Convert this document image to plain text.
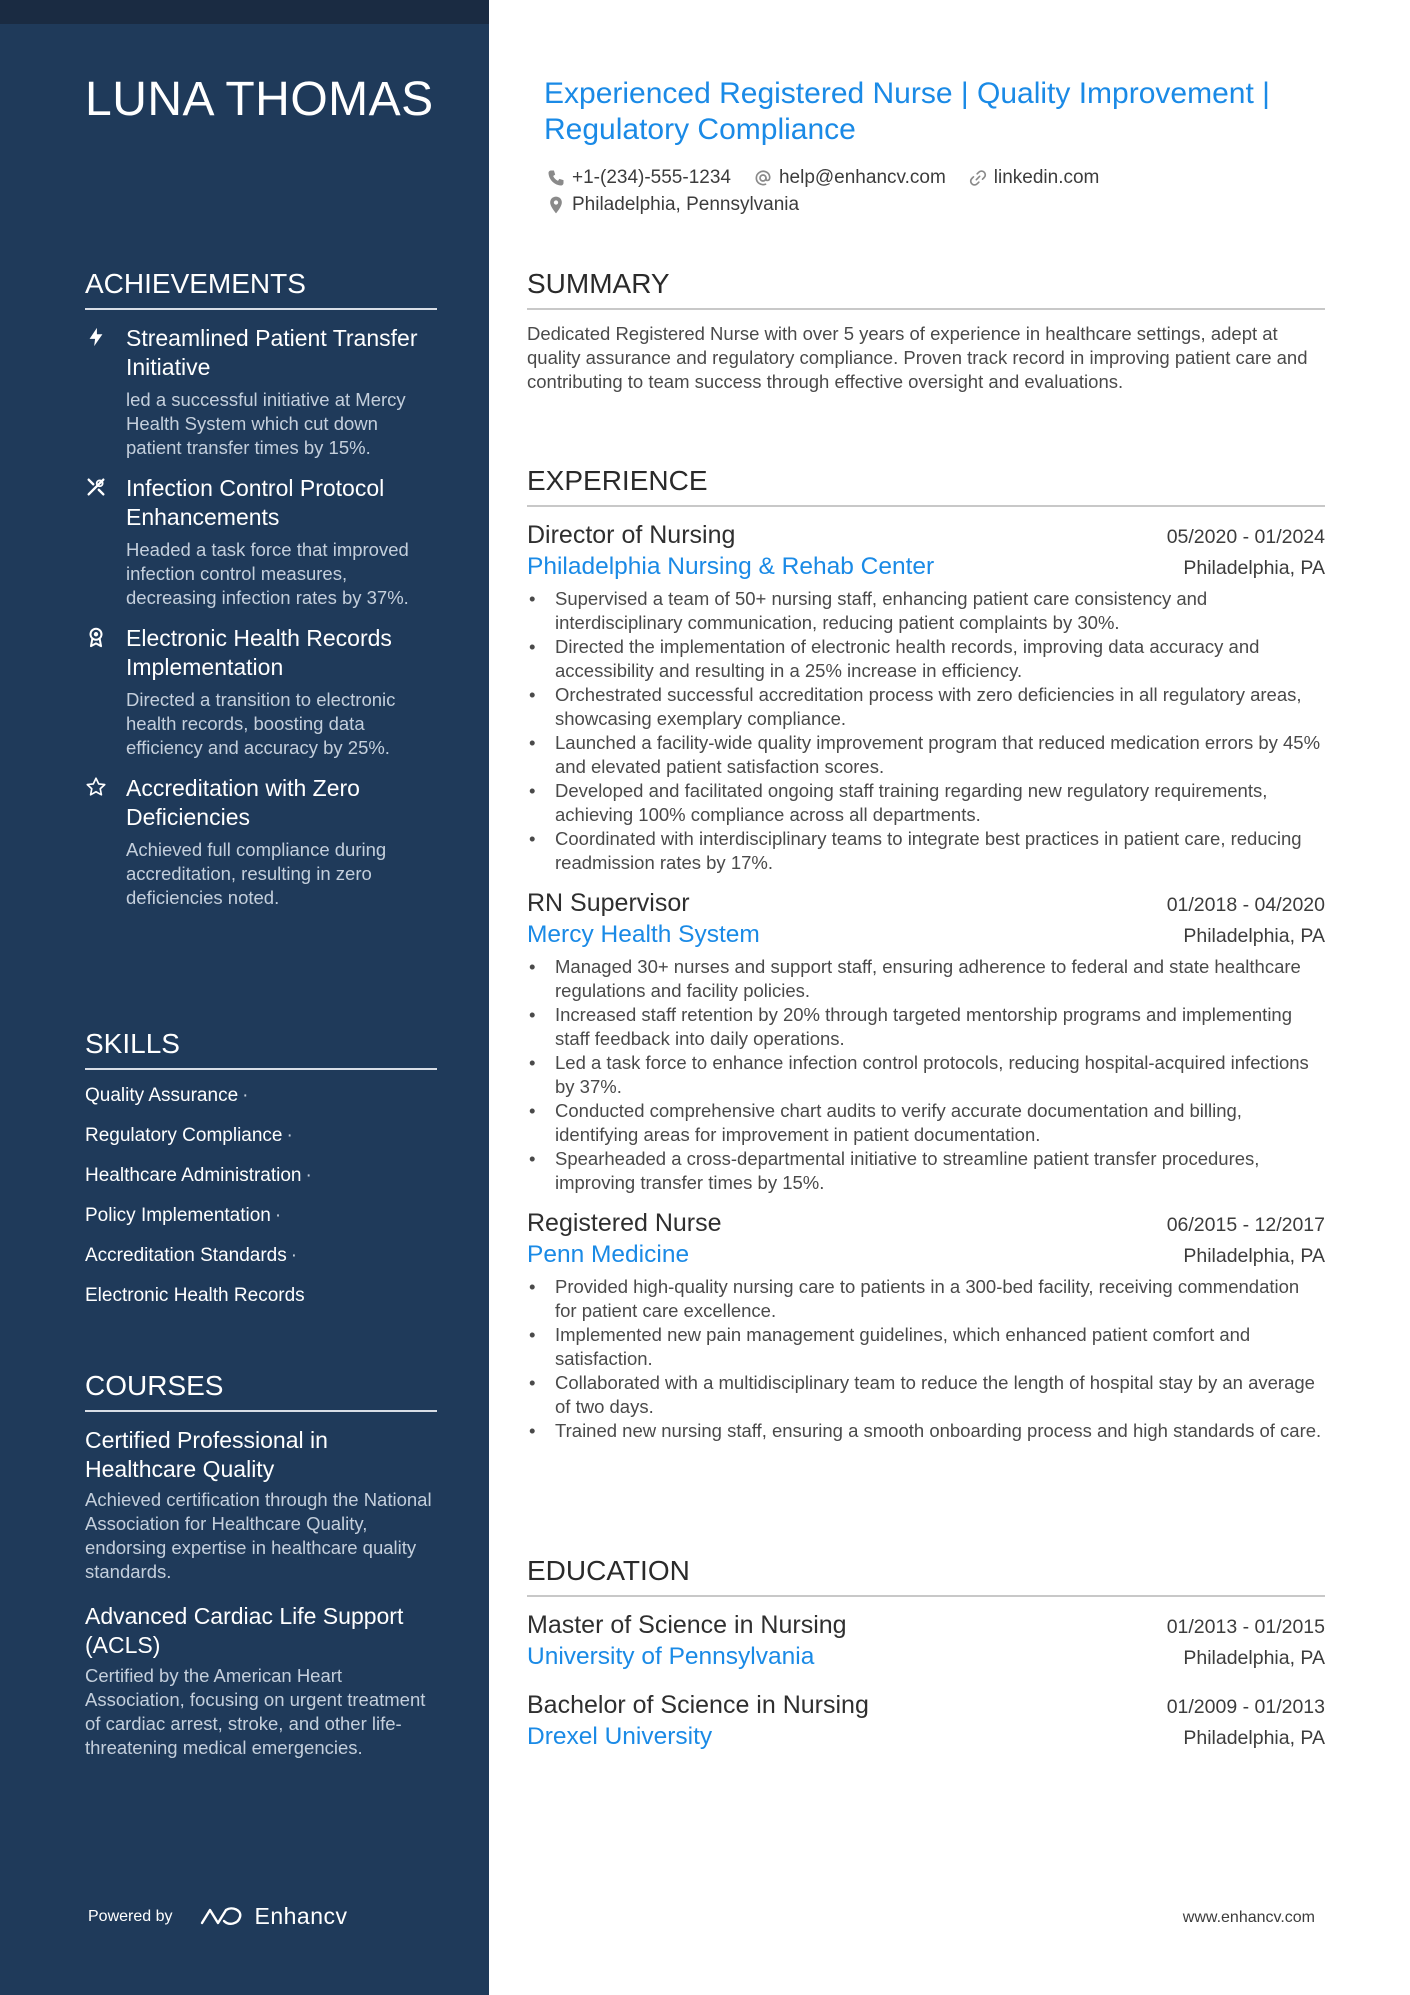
LUNA THOMAS
ACHIEVEMENTS
Streamlined Patient Transfer Initiative
led a successful initiative at Mercy Health System which cut down patient transfer times by 15%.
Infection Control Protocol Enhancements
Headed a task force that improved infection control measures, decreasing infection rates by 37%.
Electronic Health Records Implementation
Directed a transition to electronic health records, boosting data efficiency and accuracy by 25%.
Accreditation with Zero Deficiencies
Achieved full compliance during accreditation, resulting in zero deficiencies noted.
SKILLS
Quality Assurance ·
Regulatory Compliance ·
Healthcare Administration ·
Policy Implementation ·
Accreditation Standards ·
Electronic Health Records
COURSES
Certified Professional in Healthcare Quality
Achieved certification through the National Association for Healthcare Quality, endorsing expertise in healthcare quality standards.
Advanced Cardiac Life Support (ACLS)
Certified by the American Heart Association, focusing on urgent treatment of cardiac arrest, stroke, and other life-threatening medical emergencies.
Powered by	Enhancv
Experienced Registered Nurse | Quality Improvement | Regulatory Compliance
+1-(234)-555-1234	help@enhancv.com	linkedin.com
Philadelphia, Pennsylvania
SUMMARY

Dedicated Registered Nurse with over 5 years of experience in healthcare settings, adept at quality assurance and regulatory compliance. Proven track record in improving patient care and contributing to team success through effective oversight and evaluations.

EXPERIENCE
Director of Nursing	05/2020 - 01/2024
Philadelphia Nursing & Rehab Center	Philadelphia, PA
• Supervised a team of 50+ nursing staff, enhancing patient care consistency and interdisciplinary communication, reducing patient complaints by 30%.
• Directed the implementation of electronic health records, improving data accuracy and accessibility and resulting in a 25% increase in efficiency.
• Orchestrated successful accreditation process with zero deficiencies in all regulatory areas, showcasing exemplary compliance.
• Launched a facility-wide quality improvement program that reduced medication errors by 45% and elevated patient satisfaction scores.
• Developed and facilitated ongoing staff training regarding new regulatory requirements, achieving 100% compliance across all departments.
• Coordinated with interdisciplinary teams to integrate best practices in patient care, reducing readmission rates by 17%.
RN Supervisor	01/2018 - 04/2020
Mercy Health System	Philadelphia, PA
• Managed 30+ nurses and support staff, ensuring adherence to federal and state healthcare regulations and facility policies.
• Increased staff retention by 20% through targeted mentorship programs and implementing staff feedback into daily operations.
• Led a task force to enhance infection control protocols, reducing hospital-acquired infections by 37%.
• Conducted comprehensive chart audits to verify accurate documentation and billing, identifying areas for improvement in patient documentation.
• Spearheaded a cross-departmental initiative to streamline patient transfer procedures, improving transfer times by 15%.
Registered Nurse	06/2015 - 12/2017
Penn Medicine	Philadelphia, PA
• Provided high-quality nursing care to patients in a 300-bed facility, receiving commendation for patient care excellence.
• Implemented new pain management guidelines, which enhanced patient comfort and satisfaction.
• Collaborated with a multidisciplinary team to reduce the length of hospital stay by an average of two days.
• Trained new nursing staff, ensuring a smooth onboarding process and high standards of care.
EDUCATION
Master of Science in Nursing	01/2013 - 01/2015
University of Pennsylvania	Philadelphia, PA
Bachelor of Science in Nursing	01/2009 - 01/2013
Drexel University	Philadelphia, PA
www.enhancv.com
